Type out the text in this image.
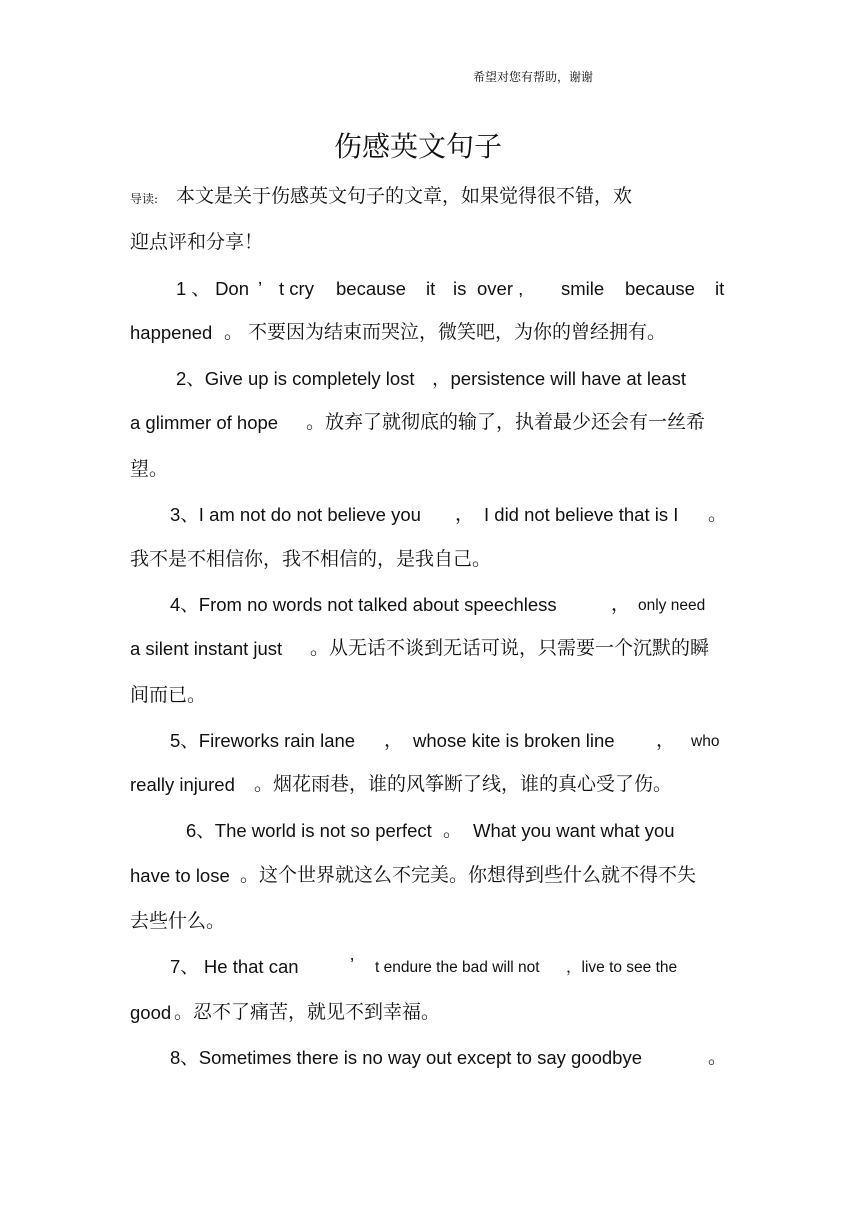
希望对您有帮助，谢谢
伤感英文句子
导读: 本文是关于伤感英文句子的文章，如果觉得很不错，欢
迎点评和分享！
1 、 Don ’ t cry because it is over , smile because it
happened 。 不要因为结束而哭泣，微笑吧，为你的曾经拥有。
2、Give up is completely lost ，persistence will have at least
a glimmer of hope 。放弃了就彻底的输了，执着最少还会有一丝希
望。
3、I am not do not believe you ， I did not believe that is I 。
我不是不相信你，我不相信的，是我自己。
4、From no words not talked about speechless	， only need
a silent instant just 。从无话不谈到无话可说，只需要一个沉默的瞬
间而已。
5、Fireworks rain lane ， whose kite is broken line ， who
really injured 。烟花雨巷，谁的风筝断了线，谁的真心受了伤。
6、The world is not so perfect 。 What you want what you
have to lose 。这个世界就这么不完美。你想得到些什么就不得不失
去些什么。
7、 He that can	’ t endure the bad will not ，live to see the
good 。忍不了痛苦，就见不到幸福。
8、Sometimes there is no way out except to say goodbye	。
